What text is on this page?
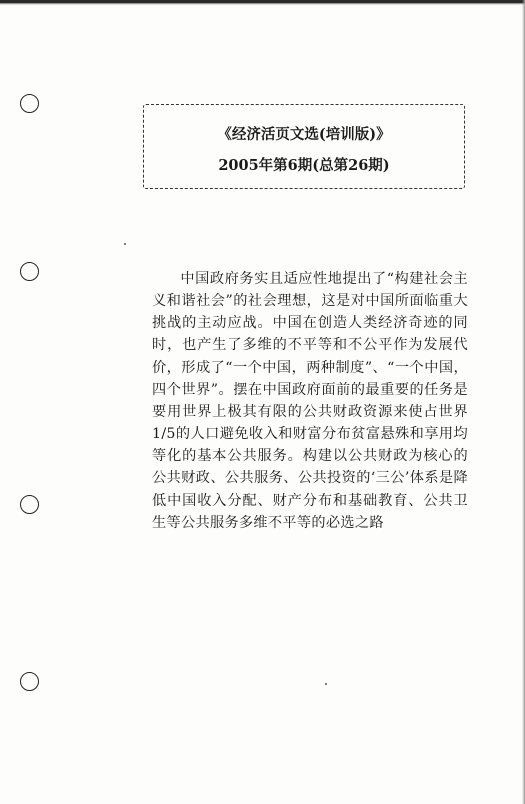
《经济活页文选(培训版)》
2005年第6期(总第26期)
中国政府务实且适应性地提出了“构建社会主义和谐社会”的社会理想，这是对中国所面临重大挑战的主动应战。中国在创造人类经济奇迹的同时，也产生了多维的不平等和不公平作为发展代价，形成了“一个中国，两种制度”、“一个中国，四个世界”。摆在中国政府面前的最重要的任务是要用世界上极其有限的公共财政资源来使占世界1/5的人口避免收入和财富分布贫富悬殊和享用均等化的基本公共服务。构建以公共财政为核心的公共财政、公共服务、公共投资的‘三公’体系是降低中国收入分配、财产分布和基础教育、公共卫生等公共服务多维不平等的必选之路
